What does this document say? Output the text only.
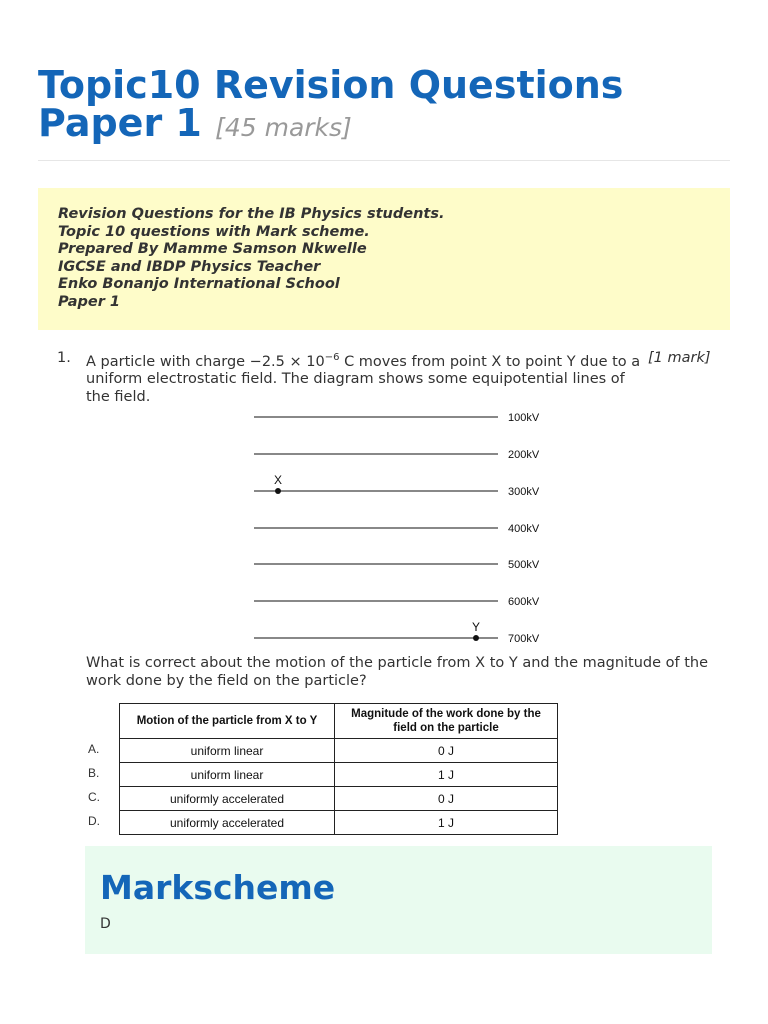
Topic10 Revision Questions
Paper 1 [45 marks]
Revision Questions for the IB Physics students.
Topic 10 questions with Mark scheme.
Prepared By Mamme Samson Nkwelle
IGCSE and IBDP Physics Teacher
Enko Bonanjo International School
Paper 1
1. A particle with charge $-2.5 \times 10^{-6}$ C moves from point X to point Y due to a uniform electrostatic field. The diagram shows some equipotential lines of the field.
[1 mark]
100kV
200kV
300kV
400kV
500kV
600kV
700kV
X
Y
What is correct about the motion of the particle from X to Y and the magnitude of the work done by the field on the particle?
A.
B.
C.
D.
Motion of the particle from X to Y	Magnitude of the work done by the field on the particle
uniform linear	0 J
uniform linear	1 J
uniformly accelerated	0 J
uniformly accelerated	1 J
Markscheme
D
